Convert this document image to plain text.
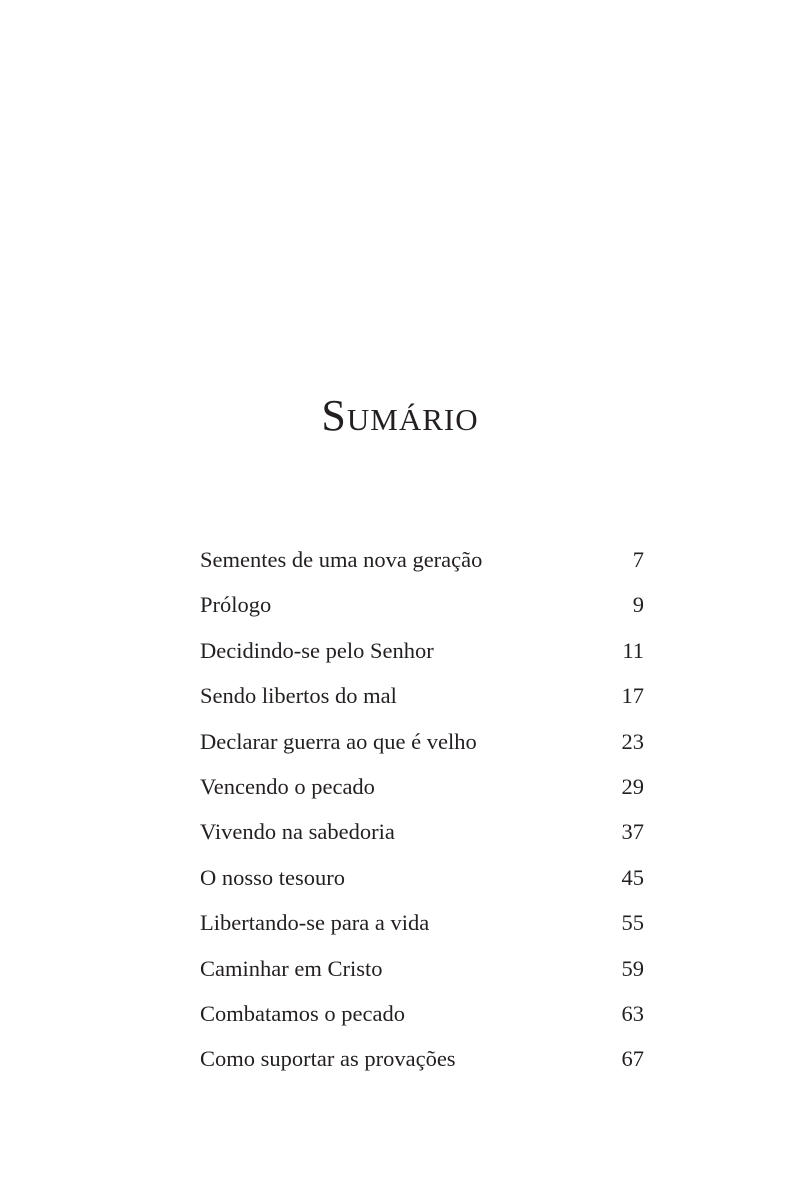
Sumário
Sementes de uma nova geração	7
Prólogo	9
Decidindo-se pelo Senhor	11
Sendo libertos do mal	17
Declarar guerra ao que é velho	23
Vencendo o pecado	29
Vivendo na sabedoria	37
O nosso tesouro	45
Libertando-se para a vida	55
Caminhar em Cristo	59
Combatamos o pecado	63
Como suportar as provações	67
